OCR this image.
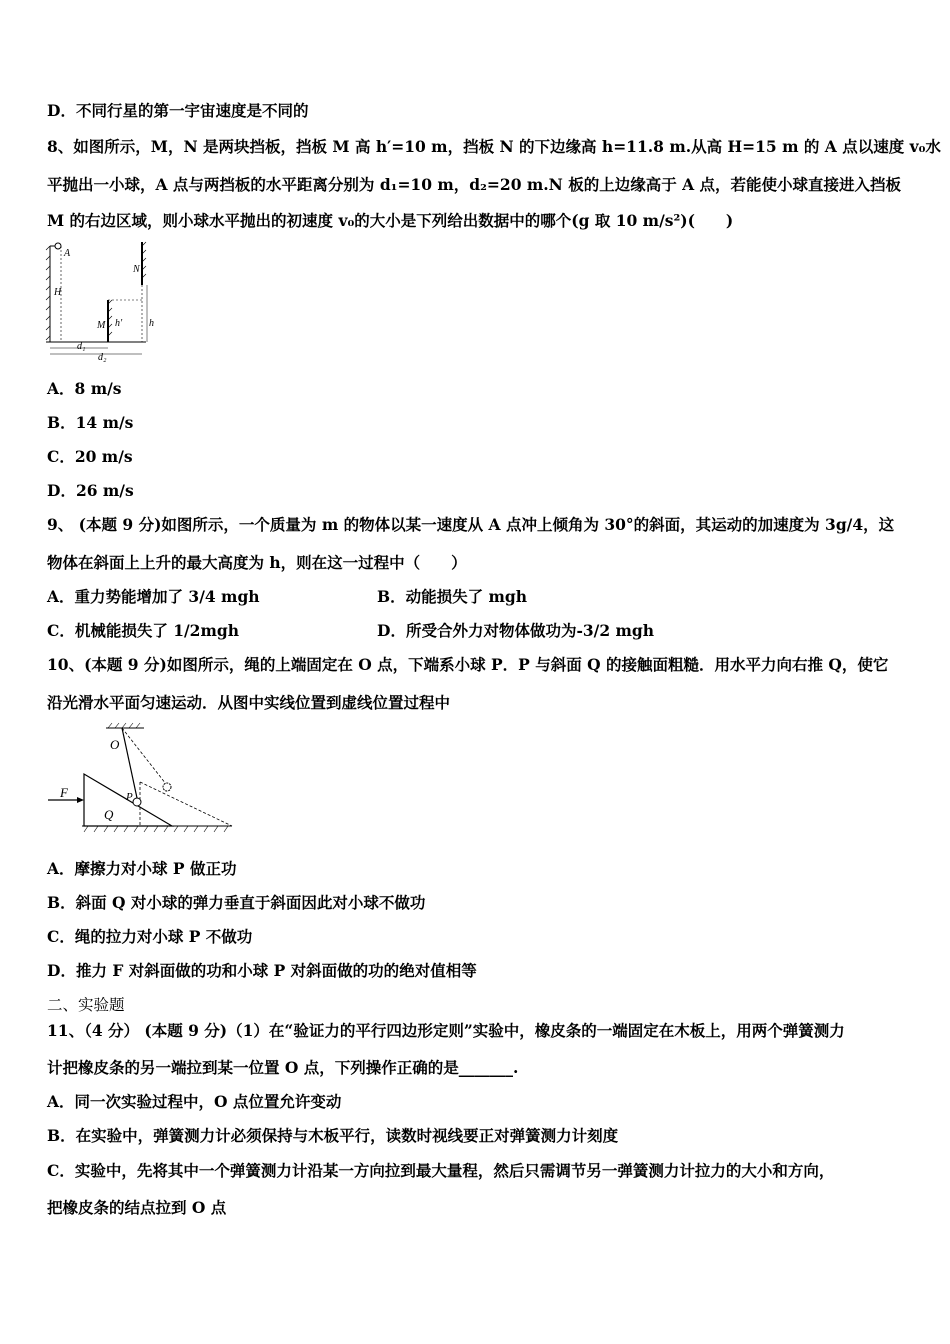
D．不同行星的第一宇宙速度是不同的
8、如图所示，M，N 是两块挡板，挡板 M 高 h′=10 m，挡板 N 的下边缘高 h=11.8 m.从高 H=15 m 的 A 点以速度 v₀水
平抛出一小球，A 点与两挡板的水平距离分别为 d₁=10 m，d₂=20 m.N 板的上边缘高于 A 点，若能使小球直接进入挡板
M 的右边区域，则小球水平抛出的初速度 v₀的大小是下列给出数据中的哪个(g 取 10 m/s²)(　　)
H
A
N
M h′	h
d₁
d₂
A．8 m/s
B．14 m/s
C．20 m/s
D．26 m/s
9、 (本题 9 分)如图所示，一个质量为 m 的物体以某一速度从 A 点冲上倾角为 30°的斜面，其运动的加速度为 3g/4，这
物体在斜面上上升的最大高度为 h，则在这一过程中（　　）
A．重力势能增加了 3/4 mgh	B．动能损失了 mgh
C．机械能损失了 1/2mgh	D．所受合外力对物体做功为-3/2 mgh
10、(本题 9 分)如图所示，绳的上端固定在 O 点，下端系小球 P．P 与斜面 Q 的接触面粗糙．用水平力向右推 Q，使它
沿光滑水平面匀速运动．从图中实线位置到虚线位置过程中
O
F	P
Q
A．摩擦力对小球 P 做正功
B．斜面 Q 对小球的弹力垂直于斜面因此对小球不做功
C．绳的拉力对小球 P 不做功
D．推力 F 对斜面做的功和小球 P 对斜面做的功的绝对值相等
二、实验题
11、（4 分） (本题 9 分)（1）在“验证力的平行四边形定则”实验中，橡皮条的一端固定在木板上，用两个弹簧测力
计把橡皮条的另一端拉到某一位置 O 点，下列操作正确的是_______.
A．同一次实验过程中，O 点位置允许变动
B．在实验中，弹簧测力计必须保持与木板平行，读数时视线要正对弹簧测力计刻度
C．实验中，先将其中一个弹簧测力计沿某一方向拉到最大量程，然后只需调节另一弹簧测力计拉力的大小和方向，
把橡皮条的结点拉到 O 点
